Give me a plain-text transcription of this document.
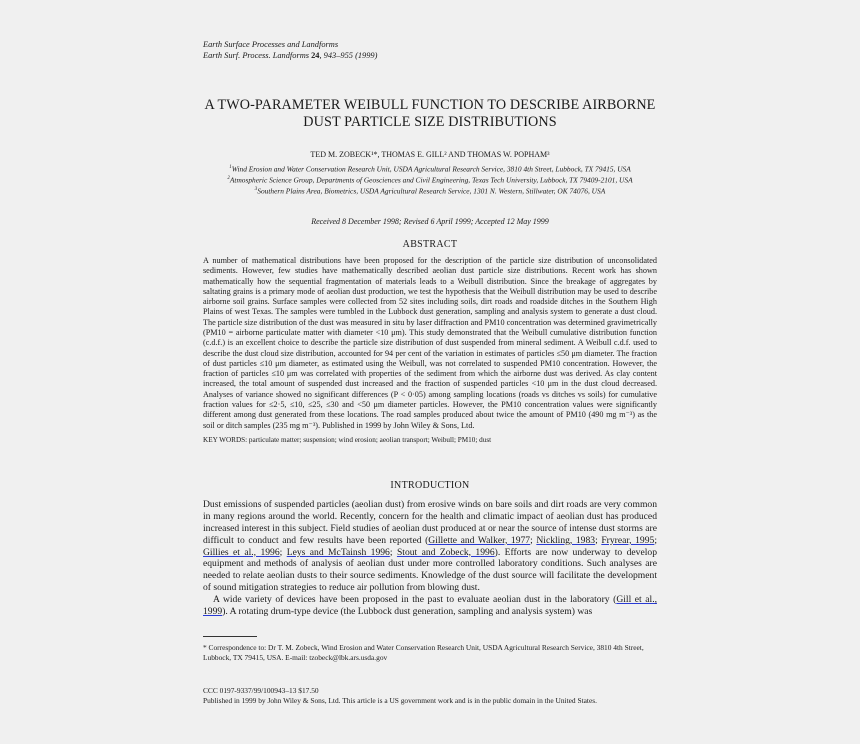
Earth Surface Processes and Landforms
Earth Surf. Process. Landforms 24, 943–955 (1999)
A TWO-PARAMETER WEIBULL FUNCTION TO DESCRIBE AIRBORNE
DUST PARTICLE SIZE DISTRIBUTIONS
TED M. ZOBECK¹*, THOMAS E. GILL² AND THOMAS W. POPHAM³
$^1$Wind Erosion and Water Conservation Research Unit, USDA Agricultural Research Service, 3810 4th Street, Lubbock, TX 79415, USA
$^2$Atmospheric Science Group, Departments of Geosciences and Civil Engineering, Texas Tech University, Lubbock, TX 79409-2101, USA
$^3$Southern Plains Area, Biometrics, USDA Agricultural Research Service, 1301 N. Western, Stillwater, OK 74076, USA
Received 8 December 1998; Revised 6 April 1999; Accepted 12 May 1999
ABSTRACT
A number of mathematical distributions have been proposed for the description of the particle size distribution of unconsolidated sediments. However, few studies have mathematically described aeolian dust particle size distributions. Recent work has shown mathematically how the sequential fragmentation of materials leads to a Weibull distribution. Since the breakage of aggregates by saltating grains is a primary mode of aeolian dust production, we test the hypothesis that the Weibull distribution may be used to describe airborne soil grains. Surface samples were collected from 52 sites including soils, dirt roads and roadside ditches in the Southern High Plains of west Texas. The samples were tumbled in the Lubbock dust generation, sampling and analysis system to generate a dust cloud. The particle size distribution of the dust was measured in situ by laser diffraction and PM10 concentration was determined gravimetrically (PM10 = airborne particulate matter with diameter <10 μm). This study demonstrated that the Weibull cumulative distribution function (c.d.f.) is an excellent choice to describe the particle size distribution of dust suspended from mineral sediment. A Weibull c.d.f. used to describe the dust cloud size distribution, accounted for 94 per cent of the variation in estimates of particles ≤50 μm diameter. The fraction of dust particles ≤10 μm diameter, as estimated using the Weibull, was not correlated to suspended PM10 concentration. However, the fraction of particles ≤10 μm was correlated with properties of the sediment from which the airborne dust was derived. As clay content increased, the total amount of suspended dust increased and the fraction of suspended particles <10 μm in the dust cloud decreased. Analyses of variance showed no significant differences (P < 0·05) among sampling locations (roads vs ditches vs soils) for cumulative fraction values for ≤2·5, ≤10, ≤25, ≤30 and <50 μm diameter particles. However, the PM10 concentration values were significantly different among dust generated from these locations. The road samples produced about twice the amount of PM10 (490 mg m⁻³) as the soil or ditch samples (235 mg m⁻³). Published in 1999 by John Wiley & Sons, Ltd.
KEY WORDS: particulate matter; suspension; wind erosion; aeolian transport; Weibull; PM10; dust
INTRODUCTION

Dust emissions of suspended particles (aeolian dust) from erosive winds on bare soils and dirt roads are very common in many regions around the world. Recently, concern for the health and climatic impact of aeolian dust has produced increased interest in this subject. Field studies of aeolian dust produced at or near the source of intense dust storms are difficult to conduct and few results have been reported (Gillette and Walker, 1977; Nickling, 1983; Fryrear, 1995; Gillies et al., 1996; Leys and McTainsh 1996; Stout and Zobeck, 1996). Efforts are now underway to develop equipment and methods of analysis of aeolian dust under more controlled laboratory conditions. Such analyses are needed to relate aeolian dusts to their source sediments. Knowledge of the dust source will facilitate the development of sound mitigation strategies to reduce air pollution from blowing dust.

A wide variety of devices have been proposed in the past to evaluate aeolian dust in the laboratory (Gill et al., 1999). A rotating drum-type device (the Lubbock dust generation, sampling and analysis system) was

* Correspondence to: Dr T. M. Zobeck, Wind Erosion and Water Conservation Research Unit, USDA Agricultural Research Service, 3810 4th Street, Lubbock, TX 79415, USA. E-mail: tzobeck@lbk.ars.usda.gov
CCC 0197-9337/99/100943–13 $17.50
Published in 1999 by John Wiley & Sons, Ltd. This article is a US government work and is in the public domain in the United States.
